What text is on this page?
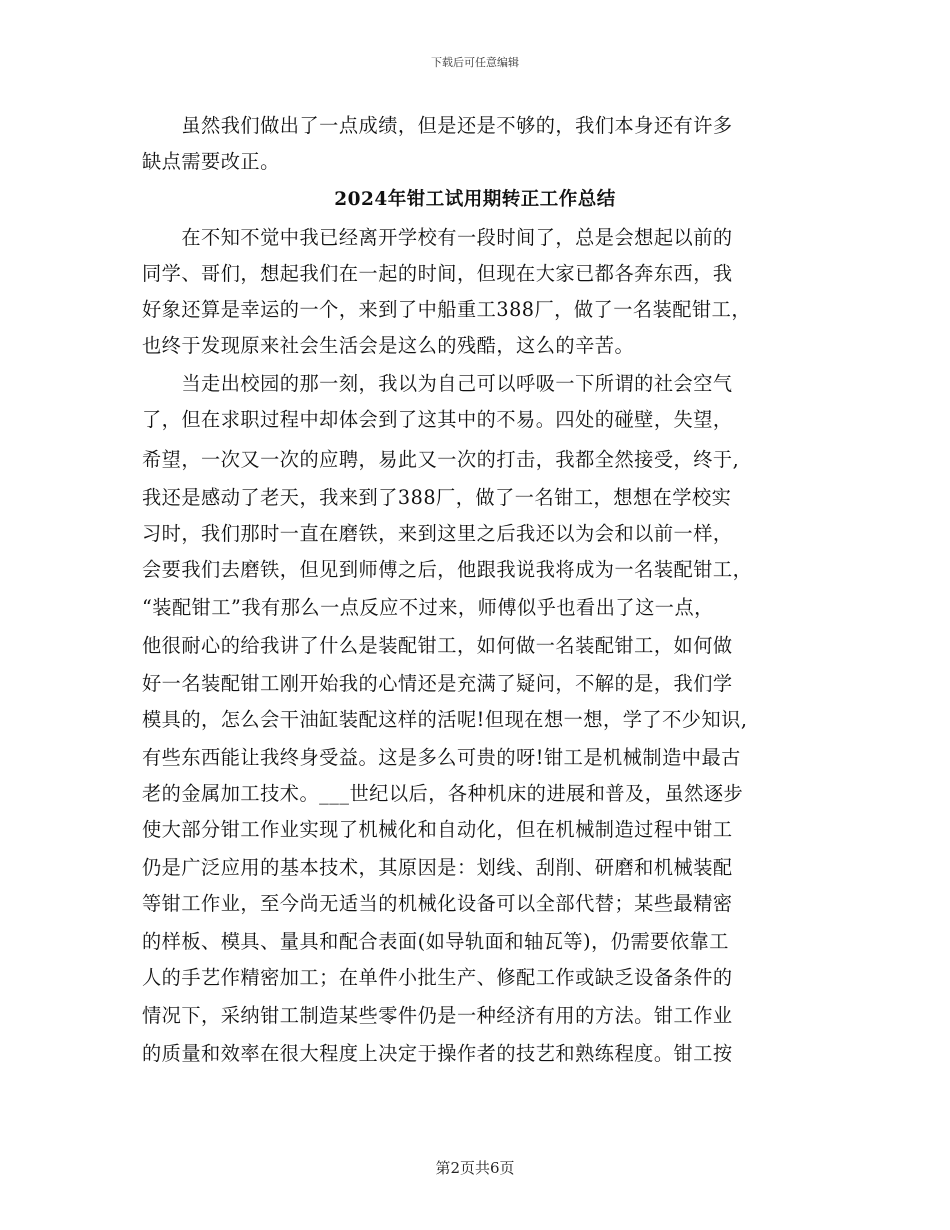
下载后可任意编辑
　　虽然我们做出了一点成绩，但是还是不够的，我们本身还有许多
缺点需要改正。
2024年钳工试用期转正工作总结
　　在不知不觉中我已经离开学校有一段时间了，总是会想起以前的
同学、哥们，想起我们在一起的时间，但现在大家已都各奔东西，我
好象还算是幸运的一个，来到了中船重工388厂，做了一名装配钳工，
也终于发现原来社会生活会是这么的残酷，这么的辛苦。
　　当走出校园的那一刻，我以为自己可以呼吸一下所谓的社会空气
了，但在求职过程中却体会到了这其中的不易。四处的碰壁，失望，
希望，一次又一次的应聘，易此又一次的打击，我都全然接受，终于,
我还是感动了老天，我来到了388厂，做了一名钳工，想想在学校实
习时，我们那时一直在磨铁，来到这里之后我还以为会和以前一样，
会要我们去磨铁，但见到师傅之后，他跟我说我将成为一名装配钳工，
“装配钳工”我有那么一点反应不过来，师傅似乎也看出了这一点，
他很耐心的给我讲了什么是装配钳工，如何做一名装配钳工，如何做
好一名装配钳工刚开始我的心情还是充满了疑问，不解的是，我们学
模具的，怎么会干油缸装配这样的活呢!但现在想一想，学了不少知识,
有些东西能让我终身受益。这是多么可贵的呀!钳工是机械制造中最古
老的金属加工技术。___世纪以后，各种机床的进展和普及，虽然逐步
使大部分钳工作业实现了机械化和自动化，但在机械制造过程中钳工
仍是广泛应用的基本技术，其原因是：划线、刮削、研磨和机械装配
等钳工作业，至今尚无适当的机械化设备可以全部代替；某些最精密
的样板、模具、量具和配合表面(如导轨面和轴瓦等)，仍需要依靠工
人的手艺作精密加工；在单件小批生产、修配工作或缺乏设备条件的
情况下，采纳钳工制造某些零件仍是一种经济有用的方法。钳工作业
的质量和效率在很大程度上决定于操作者的技艺和熟练程度。钳工按
第2页共6页
